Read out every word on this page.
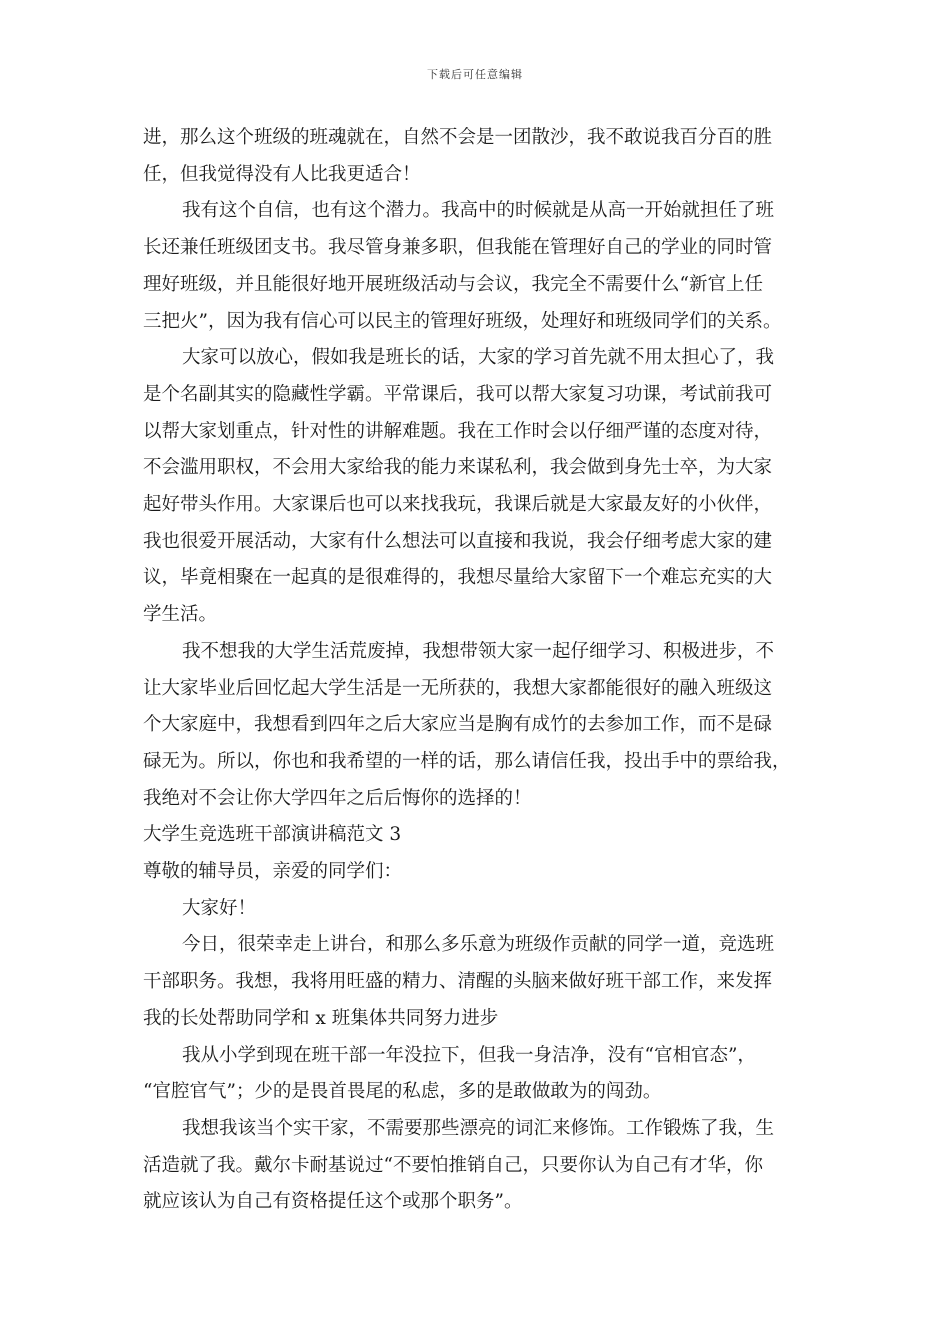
下载后可任意编辑

进，那么这个班级的班魂就在，自然不会是一团散沙，我不敢说我百分百的胜

任，但我觉得没有人比我更适合！

我有这个自信，也有这个潜力。我高中的时候就是从高一开始就担任了班

长还兼任班级团支书。我尽管身兼多职，但我能在管理好自己的学业的同时管

理好班级，并且能很好地开展班级活动与会议，我完全不需要什么“新官上任

三把火”，因为我有信心可以民主的管理好班级，处理好和班级同学们的关系。

大家可以放心，假如我是班长的话，大家的学习首先就不用太担心了，我

是个名副其实的隐藏性学霸。平常课后，我可以帮大家复习功课，考试前我可

以帮大家划重点，针对性的讲解难题。我在工作时会以仔细严谨的态度对待，

不会滥用职权，不会用大家给我的能力来谋私利，我会做到身先士卒，为大家

起好带头作用。大家课后也可以来找我玩，我课后就是大家最友好的小伙伴，

我也很爱开展活动，大家有什么想法可以直接和我说，我会仔细考虑大家的建

议，毕竟相聚在一起真的是很难得的，我想尽量给大家留下一个难忘充实的大

学生活。

我不想我的大学生活荒废掉，我想带领大家一起仔细学习、积极进步，不

让大家毕业后回忆起大学生活是一无所获的，我想大家都能很好的融入班级这

个大家庭中，我想看到四年之后大家应当是胸有成竹的去参加工作，而不是碌

碌无为。所以，你也和我希望的一样的话，那么请信任我，投出手中的票给我，

我绝对不会让你大学四年之后后悔你的选择的！

大学生竞选班干部演讲稿范文 3

尊敬的辅导员，亲爱的同学们：

大家好！

今日，很荣幸走上讲台，和那么多乐意为班级作贡献的同学一道，竞选班

干部职务。我想，我将用旺盛的精力、清醒的头脑来做好班干部工作，来发挥

我的长处帮助同学和 x 班集体共同努力进步

我从小学到现在班干部一年没拉下，但我一身洁净，没有“官相官态”，

“官腔官气”；少的是畏首畏尾的私虑，多的是敢做敢为的闯劲。

我想我该当个实干家，不需要那些漂亮的词汇来修饰。工作锻炼了我，生

活造就了我。戴尔卡耐基说过“不要怕推销自己，只要你认为自己有才华，你

就应该认为自己有资格提任这个或那个职务”。
